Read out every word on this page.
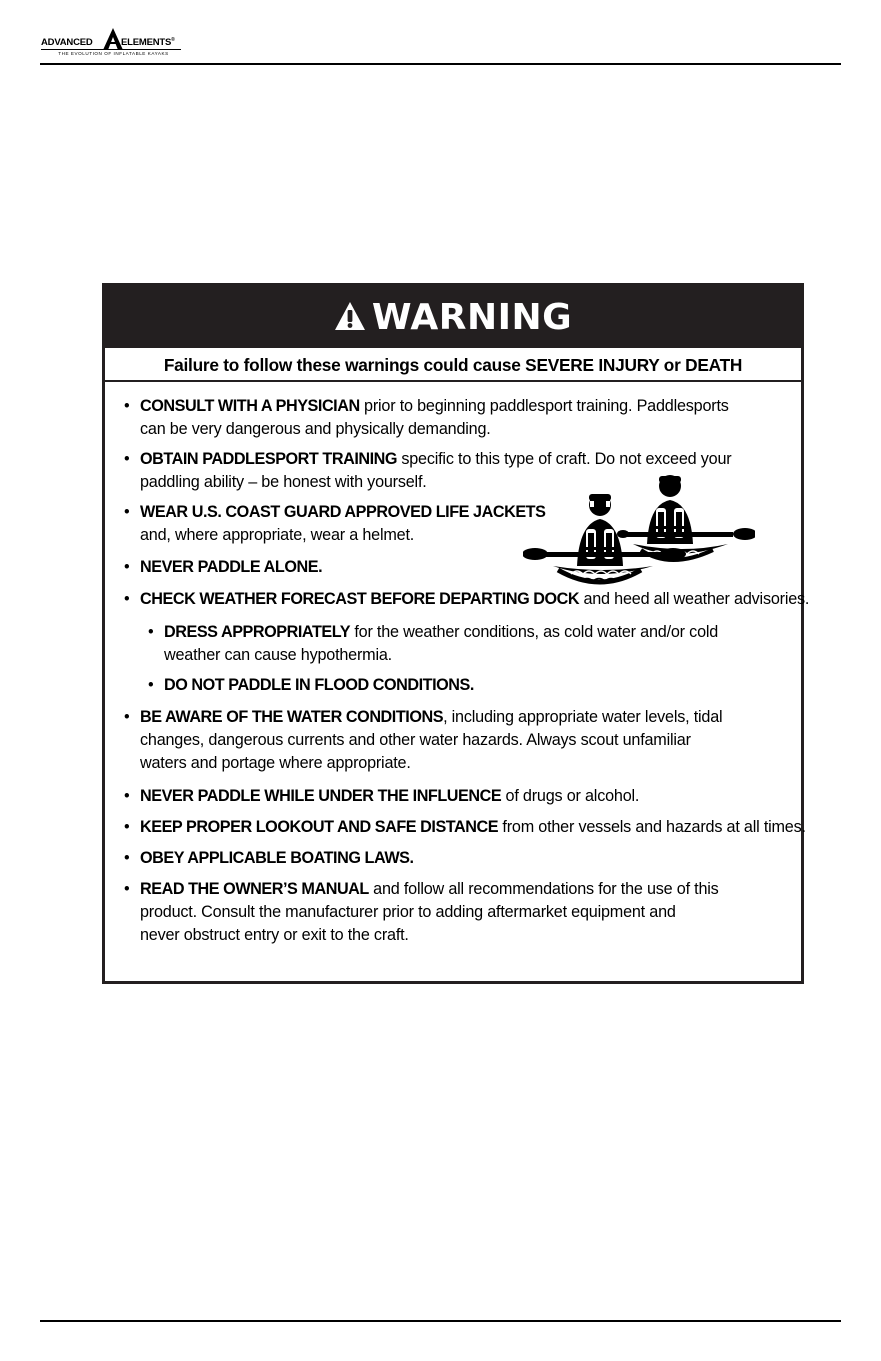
ADVANCED	ELEMENTS®
THE EVOLUTION OF INFLATABLE KAYAKS
WARNING
Failure to follow these warnings could cause SEVERE INJURY or DEATH
• CONSULT WITH A PHYSICIAN prior to beginning paddlesport training. Paddlesports
can be very dangerous and physically demanding.
• OBTAIN PADDLESPORT TRAINING specific to this type of craft. Do not exceed your
paddling ability – be honest with yourself.
• WEAR U.S. COAST GUARD APPROVED LIFE JACKETS
and, where appropriate, wear a helmet.
• NEVER PADDLE ALONE.
• CHECK WEATHER FORECAST BEFORE DEPARTING DOCK and heed all weather advisories.
• DRESS APPROPRIATELY for the weather conditions, as cold water and/or cold
weather can cause hypothermia.
• DO NOT PADDLE IN FLOOD CONDITIONS.
• BE AWARE OF THE WATER CONDITIONS, including appropriate water levels, tidal
changes, dangerous currents and other water hazards. Always scout unfamiliar
waters and portage where appropriate.
• NEVER PADDLE WHILE UNDER THE INFLUENCE of drugs or alcohol.
• KEEP PROPER LOOKOUT AND SAFE DISTANCE from other vessels and hazards at all times.
• OBEY APPLICABLE BOATING LAWS.
• READ THE OWNER’S MANUAL and follow all recommendations for the use of this
product. Consult the manufacturer prior to adding aftermarket equipment and
never obstruct entry or exit to the craft.
